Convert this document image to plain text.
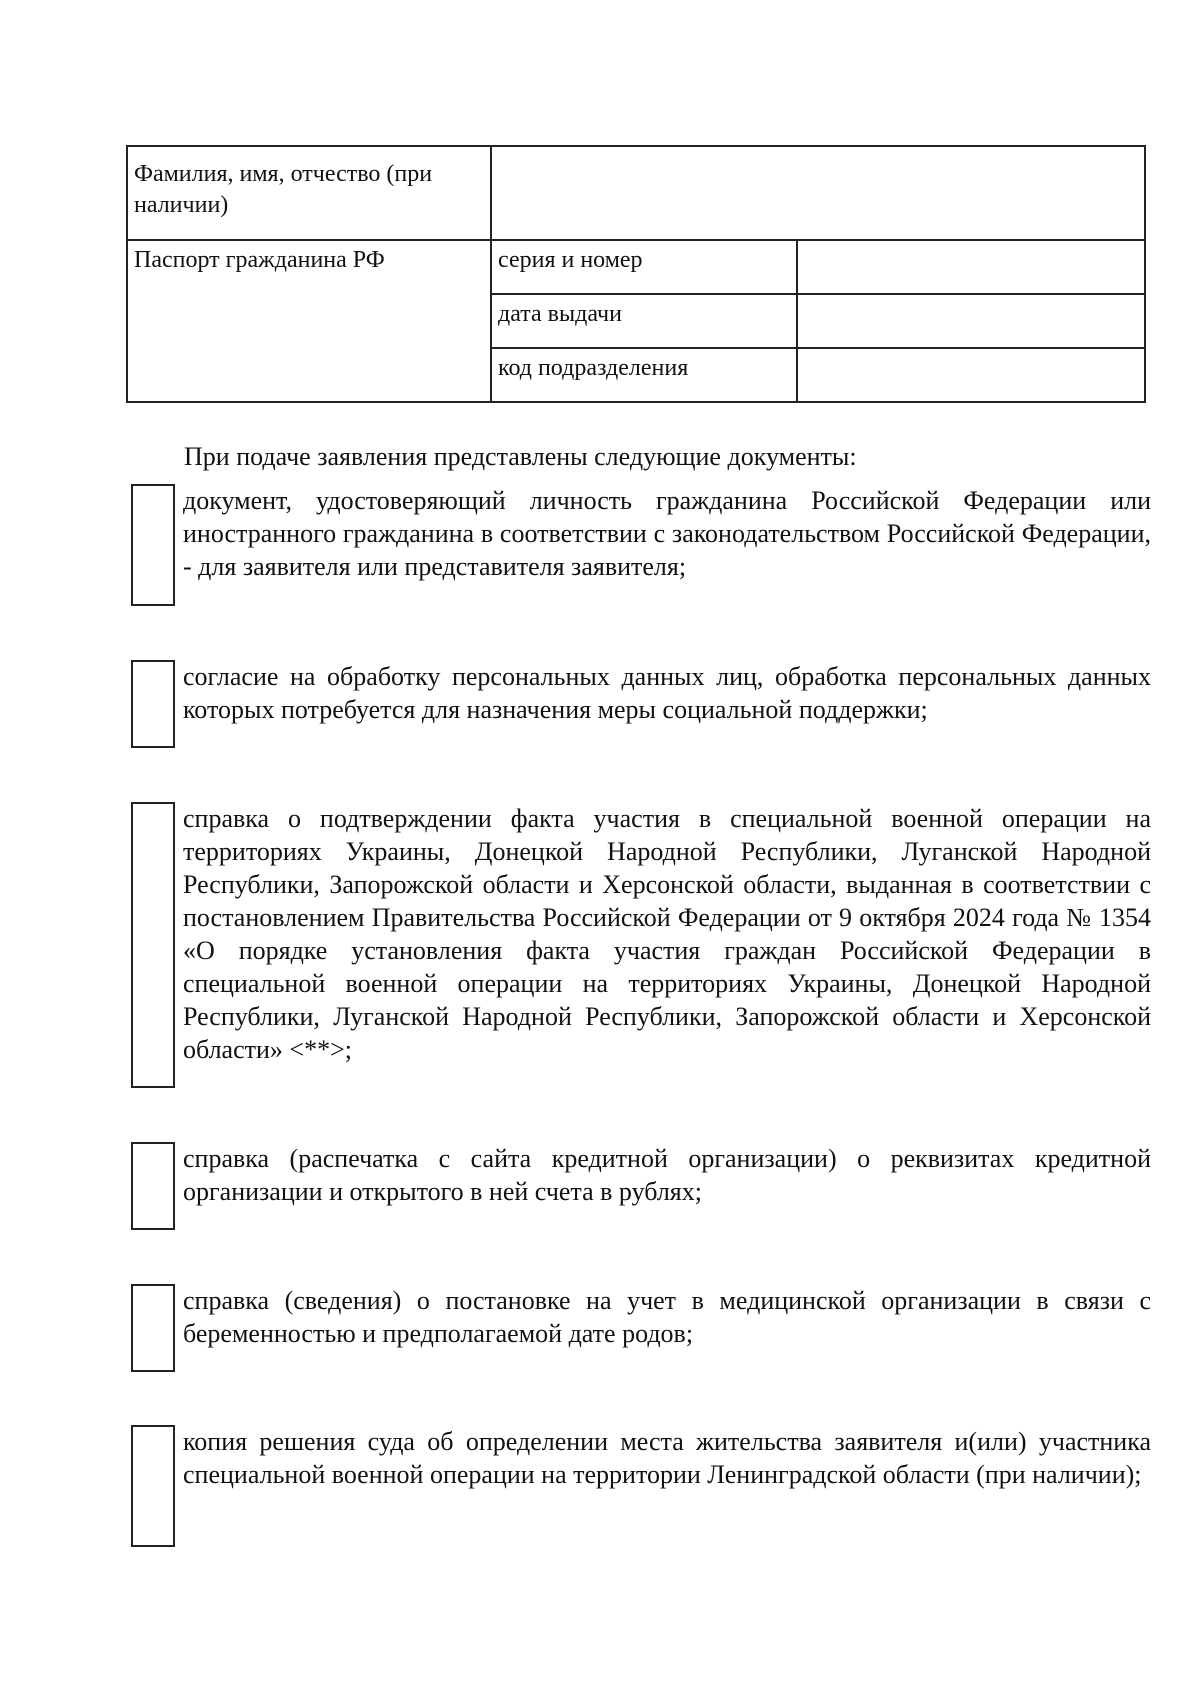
Фамилия, имя, отчество (при наличии)		
Паспорт гражданина РФ	серия и номер	
	дата выдачи	
	код подразделения	

При подаче заявления представлены следующие документы:

документ, удостоверяющий личность гражданина Российской Федерации или иностранного гражданина в соответствии с законодательством Российской Федерации, - для заявителя или представителя заявителя;

согласие на обработку персональных данных лиц, обработка персональных данных которых потребуется для назначения меры социальной поддержки;

справка о подтверждении факта участия в специальной военной операции на территориях Украины, Донецкой Народной Республики, Луганской Народной Республики, Запорожской области и Херсонской области, выданная в соответствии с постановлением Правительства Российской Федерации от 9 октября 2024 года № 1354 «О порядке установления факта участия граждан Российской Федерации в специальной военной операции на территориях Украины, Донецкой Народной Республики, Луганской Народной Республики, Запорожской области и Херсонской области» <**>;

справка (распечатка с сайта кредитной организации) о реквизитах кредитной организации и открытого в ней счета в рублях;

справка (сведения) о постановке на учет в медицинской организации в связи с беременностью и предполагаемой дате родов;

копия решения суда об определении места жительства заявителя и(или) участника специальной военной операции на территории Ленинградской области (при наличии);
